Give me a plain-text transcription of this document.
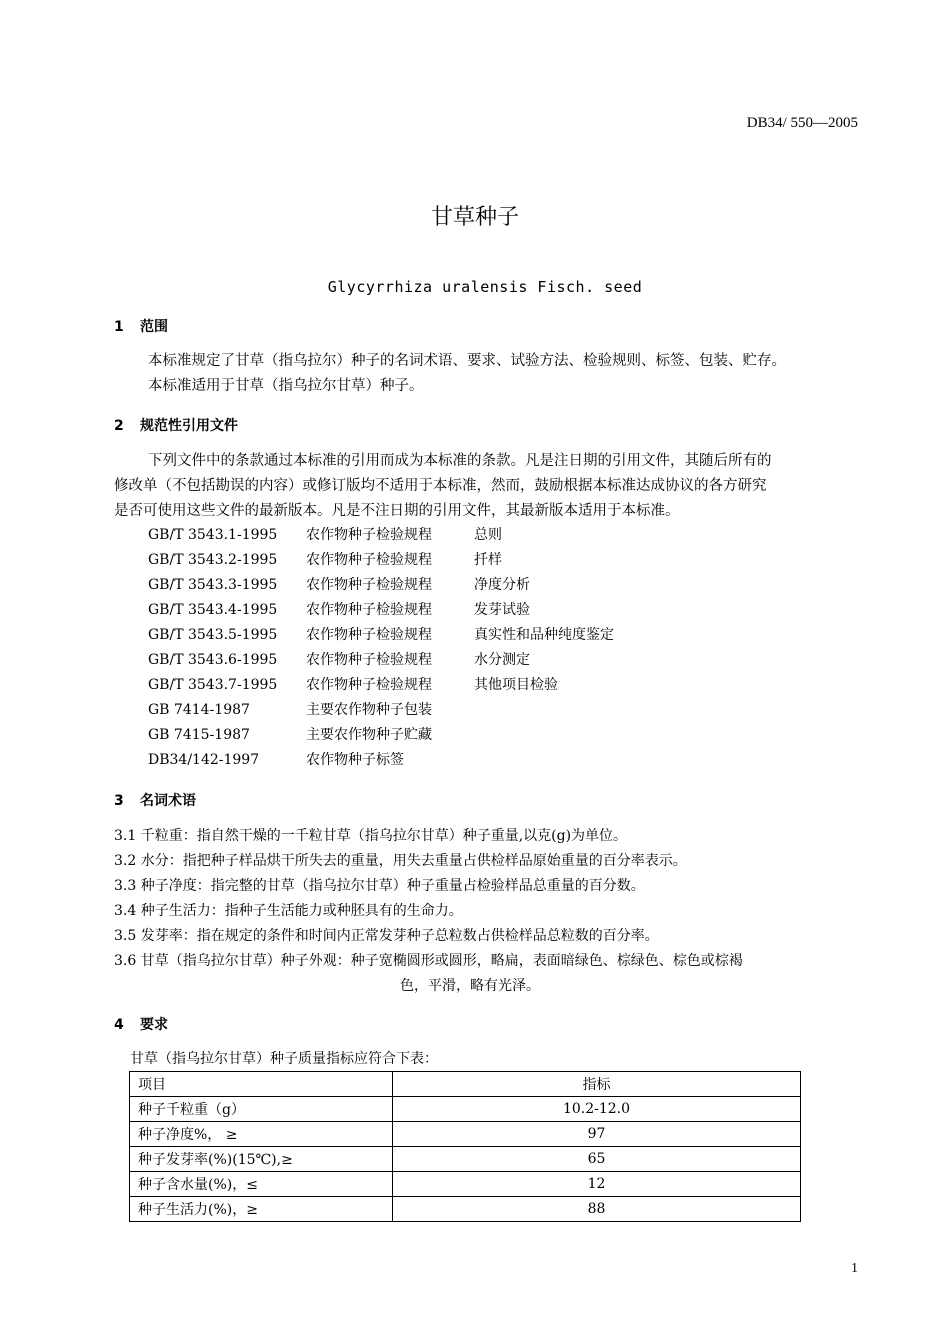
DB34/ 550—2005
甘草种子
Glycyrrhiza uralensis Fisch. seed
1 范围
本标准规定了甘草（指乌拉尔）种子的名词术语、要求、试验方法、检验规则、标签、包装、贮存。
本标准适用于甘草（指乌拉尔甘草）种子。
2 规范性引用文件
下列文件中的条款通过本标准的引用而成为本标准的条款。凡是注日期的引用文件，其随后所有的
修改单（不包括勘误的内容）或修订版均不适用于本标准，然而，鼓励根据本标准达成协议的各方研究
是否可使用这些文件的最新版本。凡是不注日期的引用文件，其最新版本适用于本标准。
GB/T 3543.1-1995 农作物种子检验规程	总则
GB/T 3543.2-1995 农作物种子检验规程	扦样
GB/T 3543.3-1995 农作物种子检验规程	净度分析
GB/T 3543.4-1995 农作物种子检验规程	发芽试验
GB/T 3543.5-1995 农作物种子检验规程	真实性和品种纯度鉴定
GB/T 3543.6-1995 农作物种子检验规程	水分测定
GB/T 3543.7-1995 农作物种子检验规程	其他项目检验
GB 7414-1987	主要农作物种子包装
GB 7415-1987	主要农作物种子贮藏
DB34/142-1997	农作物种子标签
3 名词术语
3.1 千粒重：指自然干燥的一千粒甘草（指乌拉尔甘草）种子重量,以克(g)为单位。
3.2 水分：指把种子样品烘干所失去的重量，用失去重量占供检样品原始重量的百分率表示。
3.3 种子净度：指完整的甘草（指乌拉尔甘草）种子重量占检验样品总重量的百分数。
3.4 种子生活力：指种子生活能力或种胚具有的生命力。
3.5 发芽率：指在规定的条件和时间内正常发芽种子总粒数占供检样品总粒数的百分率。
3.6 甘草（指乌拉尔甘草）种子外观：种子宽椭圆形或圆形，略扁，表面暗绿色、棕绿色、棕色或棕褐
色，平滑，略有光泽。
4 要求
甘草（指乌拉尔甘草）种子质量指标应符合下表：
项目	指标
种子千粒重（g）	10.2-12.0
种子净度%， ≥	97
种子发芽率(%)(15℃),≥	65
种子含水量(%)，≤	12
种子生活力(%)，≥	88
1
